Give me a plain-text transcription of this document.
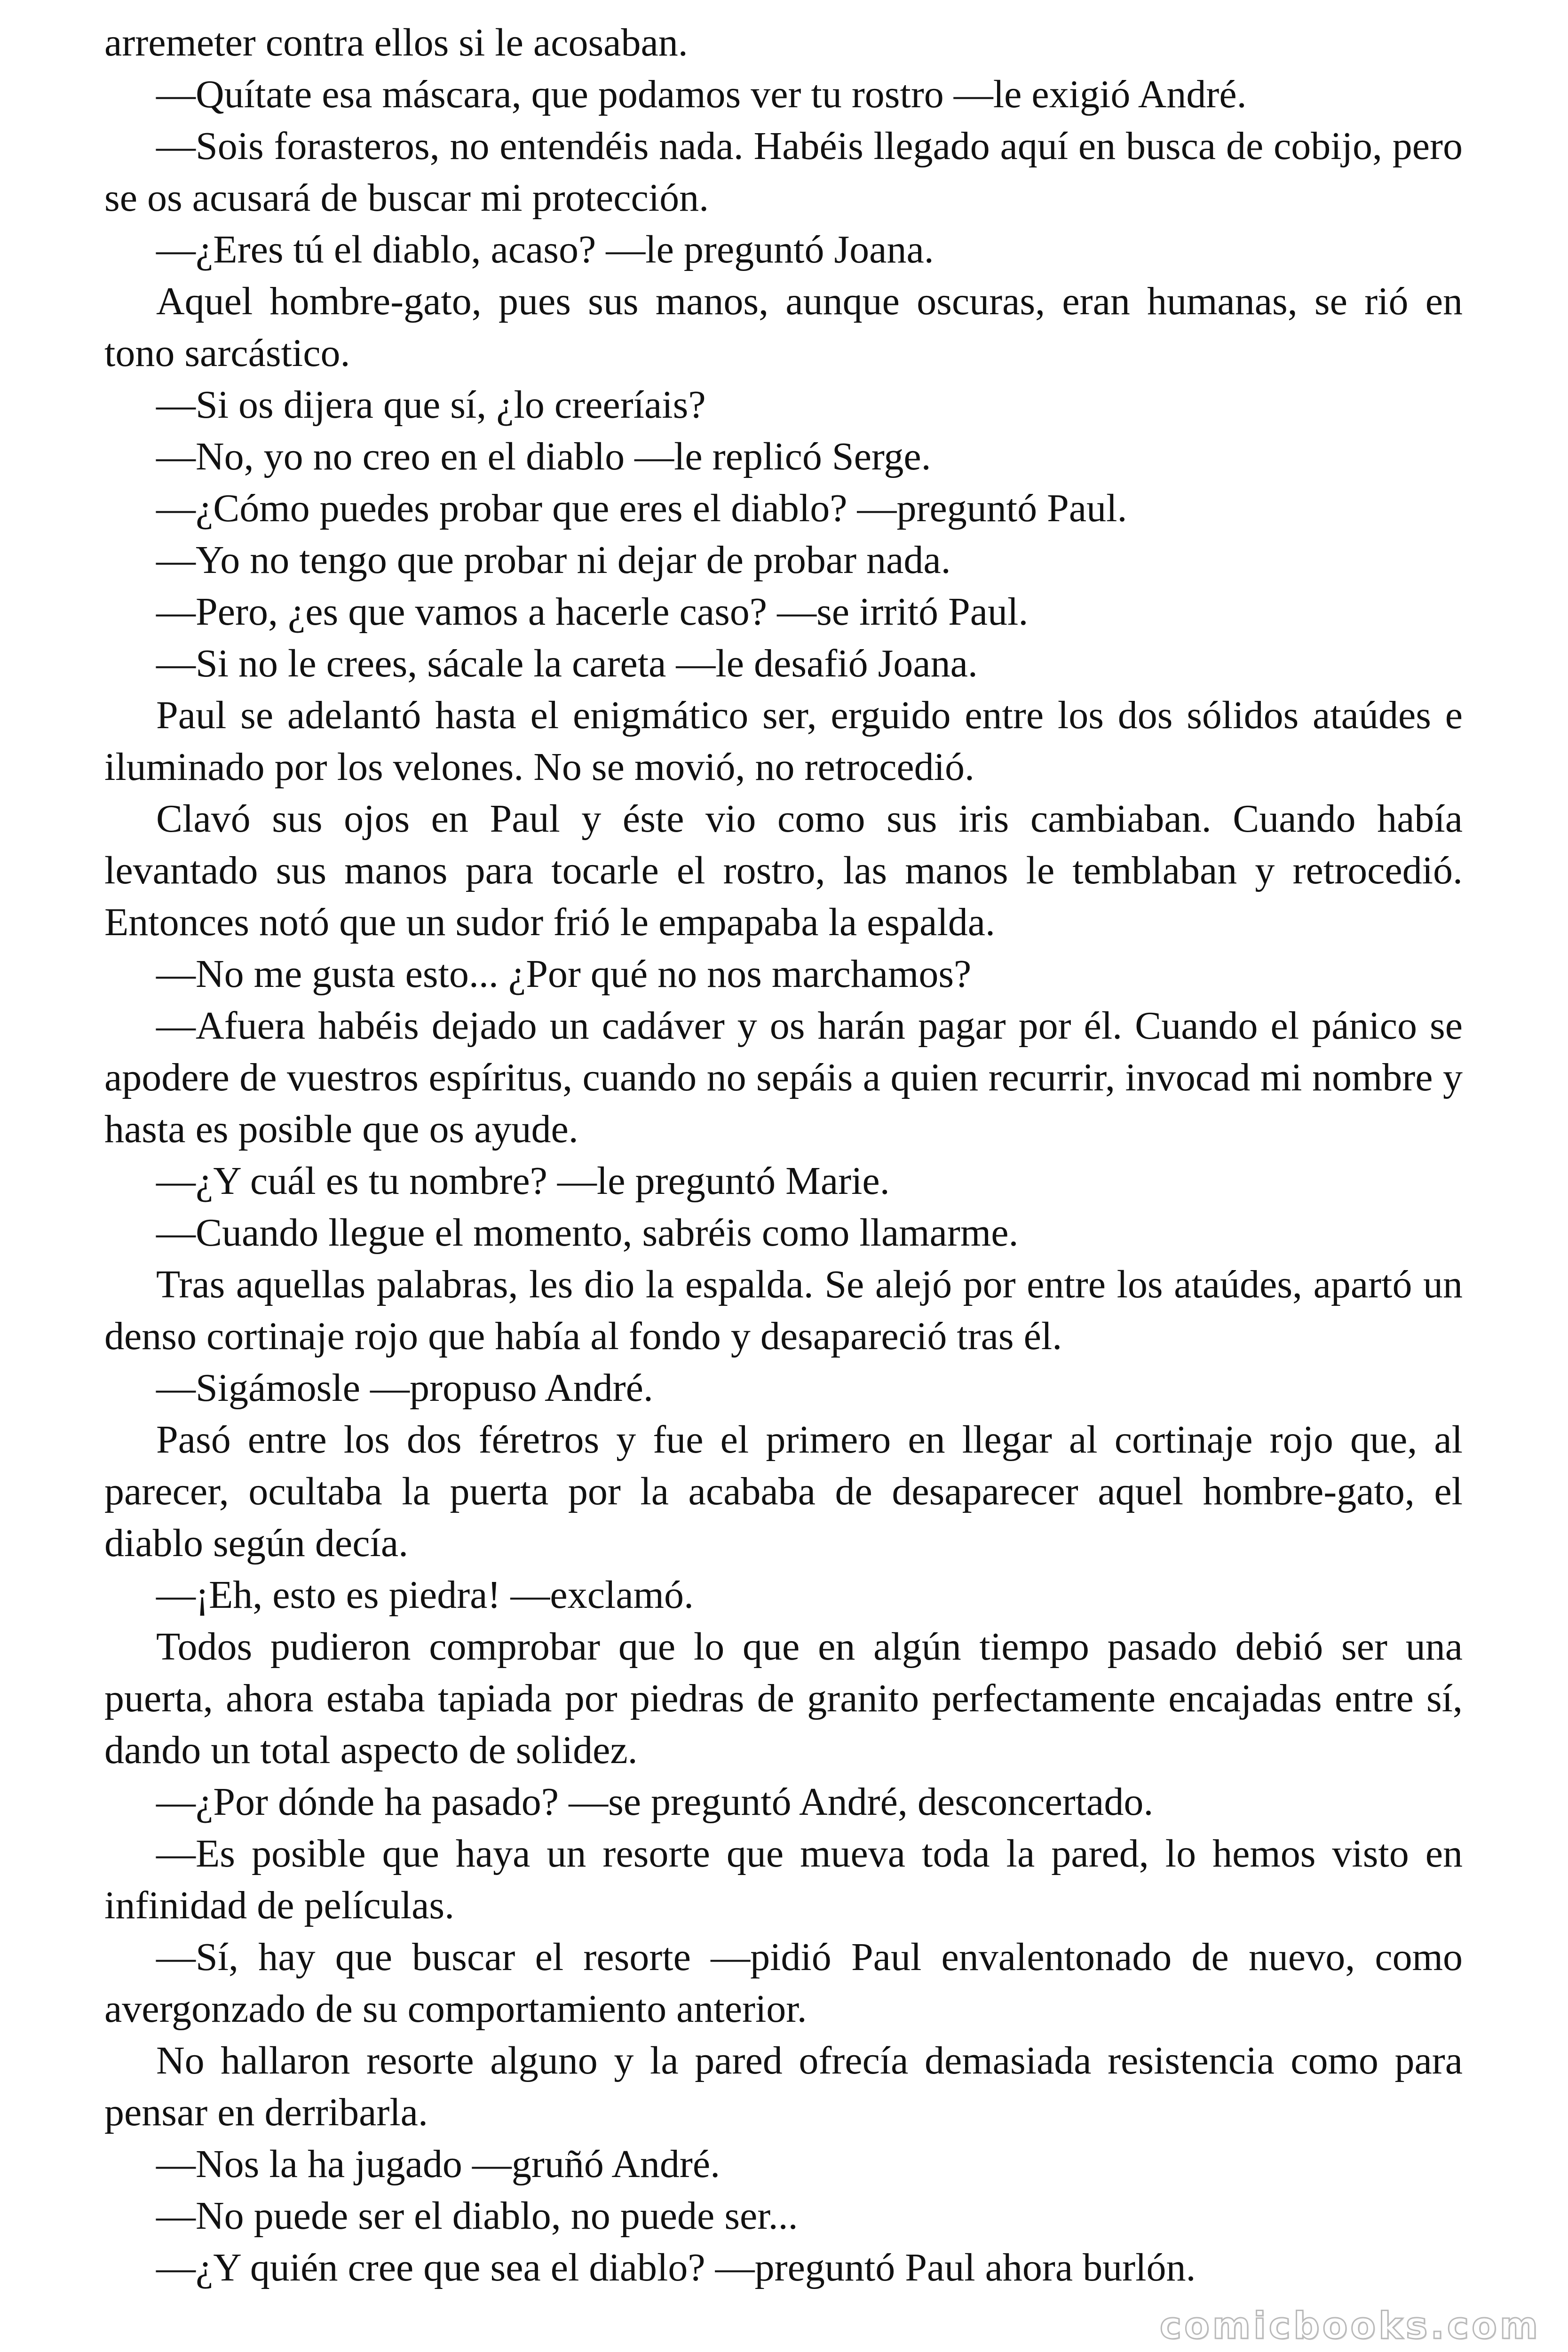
arremeter contra ellos si le acosaban.

—Quítate esa máscara, que podamos ver tu rostro —le exigió André.

—Sois forasteros, no entendéis nada. Habéis llegado aquí en busca de cobijo, pero se os acusará de buscar mi protección.

—¿Eres tú el diablo, acaso? —le preguntó Joana.

Aquel hombre-gato, pues sus manos, aunque oscuras, eran humanas, se rió en tono sarcástico.

—Si os dijera que sí, ¿lo creeríais?

—No, yo no creo en el diablo —le replicó Serge.

—¿Cómo puedes probar que eres el diablo? —preguntó Paul.

—Yo no tengo que probar ni dejar de probar nada.

—Pero, ¿es que vamos a hacerle caso? —se irritó Paul.

—Si no le crees, sácale la careta —le desafió Joana.

Paul se adelantó hasta el enigmático ser, erguido entre los dos sólidos ataúdes e iluminado por los velones. No se movió, no retrocedió.

Clavó sus ojos en Paul y éste vio como sus iris cambiaban. Cuando había levantado sus manos para tocarle el rostro, las manos le temblaban y retrocedió. Entonces notó que un sudor frió le empapaba la espalda.

—No me gusta esto... ¿Por qué no nos marchamos?

—Afuera habéis dejado un cadáver y os harán pagar por él. Cuando el pánico se apodere de vuestros espíritus, cuando no sepáis a quien recurrir, invocad mi nombre y hasta es posible que os ayude.

—¿Y cuál es tu nombre? —le preguntó Marie.

—Cuando llegue el momento, sabréis como llamarme.

Tras aquellas palabras, les dio la espalda. Se alejó por entre los ataúdes, apartó un denso cortinaje rojo que había al fondo y desapareció tras él.

—Sigámosle —propuso André.

Pasó entre los dos féretros y fue el primero en llegar al cortinaje rojo que, al parecer, ocultaba la puerta por la acababa de desaparecer aquel hombre-gato, el diablo según decía.

—¡Eh, esto es piedra! —exclamó.

Todos pudieron comprobar que lo que en algún tiempo pasado debió ser una puerta, ahora estaba tapiada por piedras de granito perfectamente encajadas entre sí, dando un total aspecto de solidez.

—¿Por dónde ha pasado? —se preguntó André, desconcertado.

—Es posible que haya un resorte que mueva toda la pared, lo hemos visto en infinidad de películas.

—Sí, hay que buscar el resorte —pidió Paul envalentonado de nuevo, como avergonzado de su comportamiento anterior.

No hallaron resorte alguno y la pared ofrecía demasiada resistencia como para pensar en derribarla.

—Nos la ha jugado —gruñó André.

—No puede ser el diablo, no puede ser...

—¿Y quién cree que sea el diablo? —preguntó Paul ahora burlón.

comicbooks.com
